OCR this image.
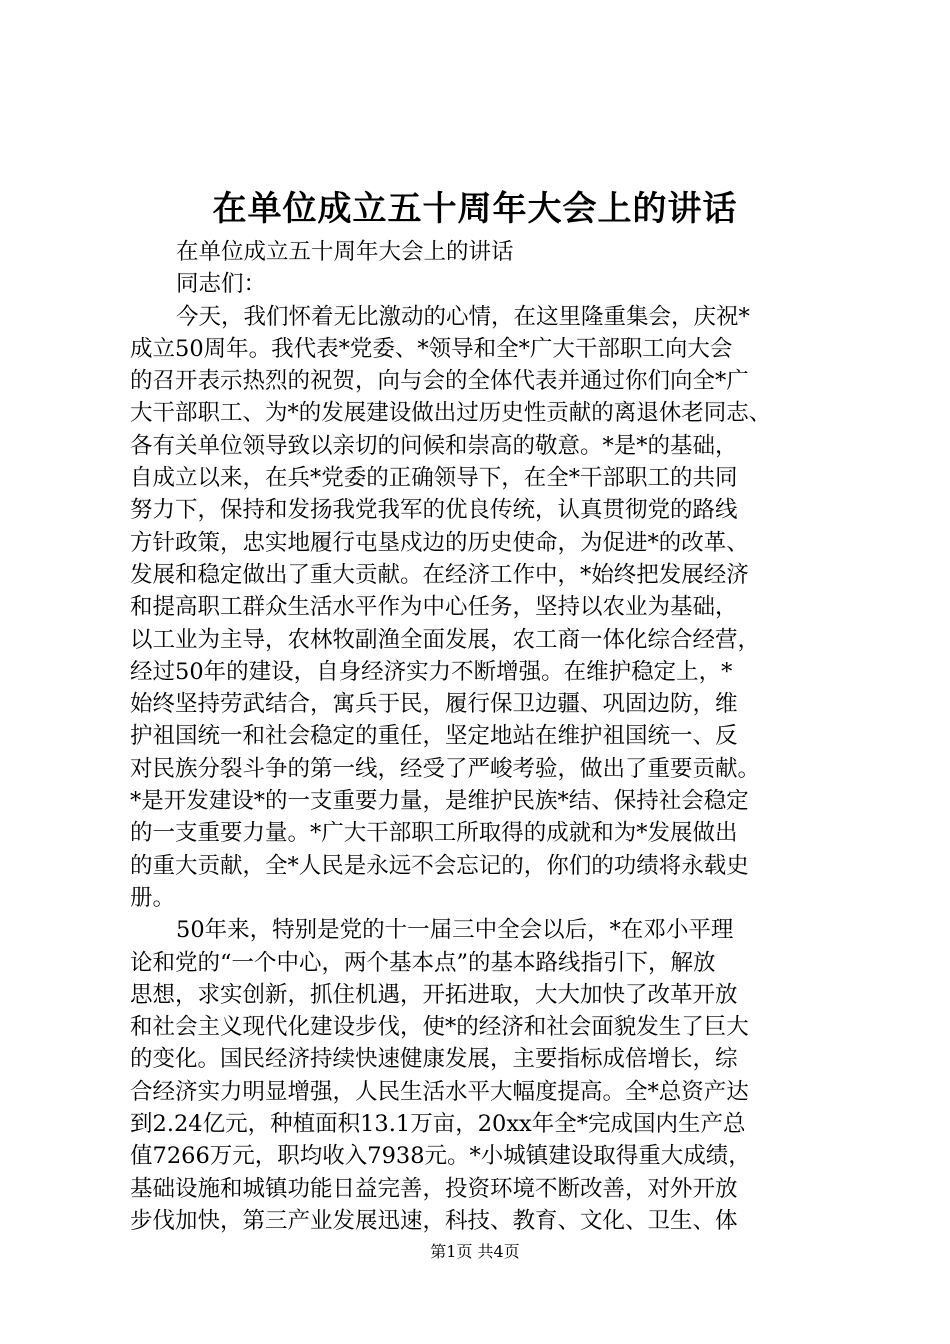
在单位成立五十周年大会上的讲话
在单位成立五十周年大会上的讲话
同志们：
今天，我们怀着无比激动的心情，在这里隆重集会，庆祝*
成立50周年。我代表*党委、*领导和全*广大干部职工向大会
的召开表示热烈的祝贺，向与会的全体代表并通过你们向全*广
大干部职工、为*的发展建设做出过历史性贡献的离退休老同志、
各有关单位领导致以亲切的问候和崇高的敬意。*是*的基础，
自成立以来，在兵*党委的正确领导下，在全*干部职工的共同
努力下，保持和发扬我党我军的优良传统，认真贯彻党的路线
方针政策，忠实地履行屯垦戍边的历史使命，为促进*的改革、
发展和稳定做出了重大贡献。在经济工作中，*始终把发展经济
和提高职工群众生活水平作为中心任务，坚持以农业为基础，
以工业为主导，农林牧副渔全面发展，农工商一体化综合经营，
经过50年的建设，自身经济实力不断增强。在维护稳定上，*
始终坚持劳武结合，寓兵于民，履行保卫边疆、巩固边防，维
护祖国统一和社会稳定的重任，坚定地站在维护祖国统一、反
对民族分裂斗争的第一线，经受了严峻考验，做出了重要贡献。
*是开发建设*的一支重要力量，是维护民族*结、保持社会稳定
的一支重要力量。*广大干部职工所取得的成就和为*发展做出
的重大贡献，全*人民是永远不会忘记的，你们的功绩将永载史
册。
50年来，特别是党的十一届三中全会以后，*在邓小平理
论和党的“一个中心，两个基本点”的基本路线指引下，解放
思想，求实创新，抓住机遇，开拓进取，大大加快了改革开放
和社会主义现代化建设步伐，使*的经济和社会面貌发生了巨大
的变化。国民经济持续快速健康发展，主要指标成倍增长，综
合经济实力明显增强，人民生活水平大幅度提高。全*总资产达
到2.24亿元，种植面积13.1万亩，20xx年全*完成国内生产总
值7266万元，职均收入7938元。*小城镇建设取得重大成绩，
基础设施和城镇功能日益完善，投资环境不断改善，对外开放
步伐加快，第三产业发展迅速，科技、教育、文化、卫生、体
第1页 共4页
